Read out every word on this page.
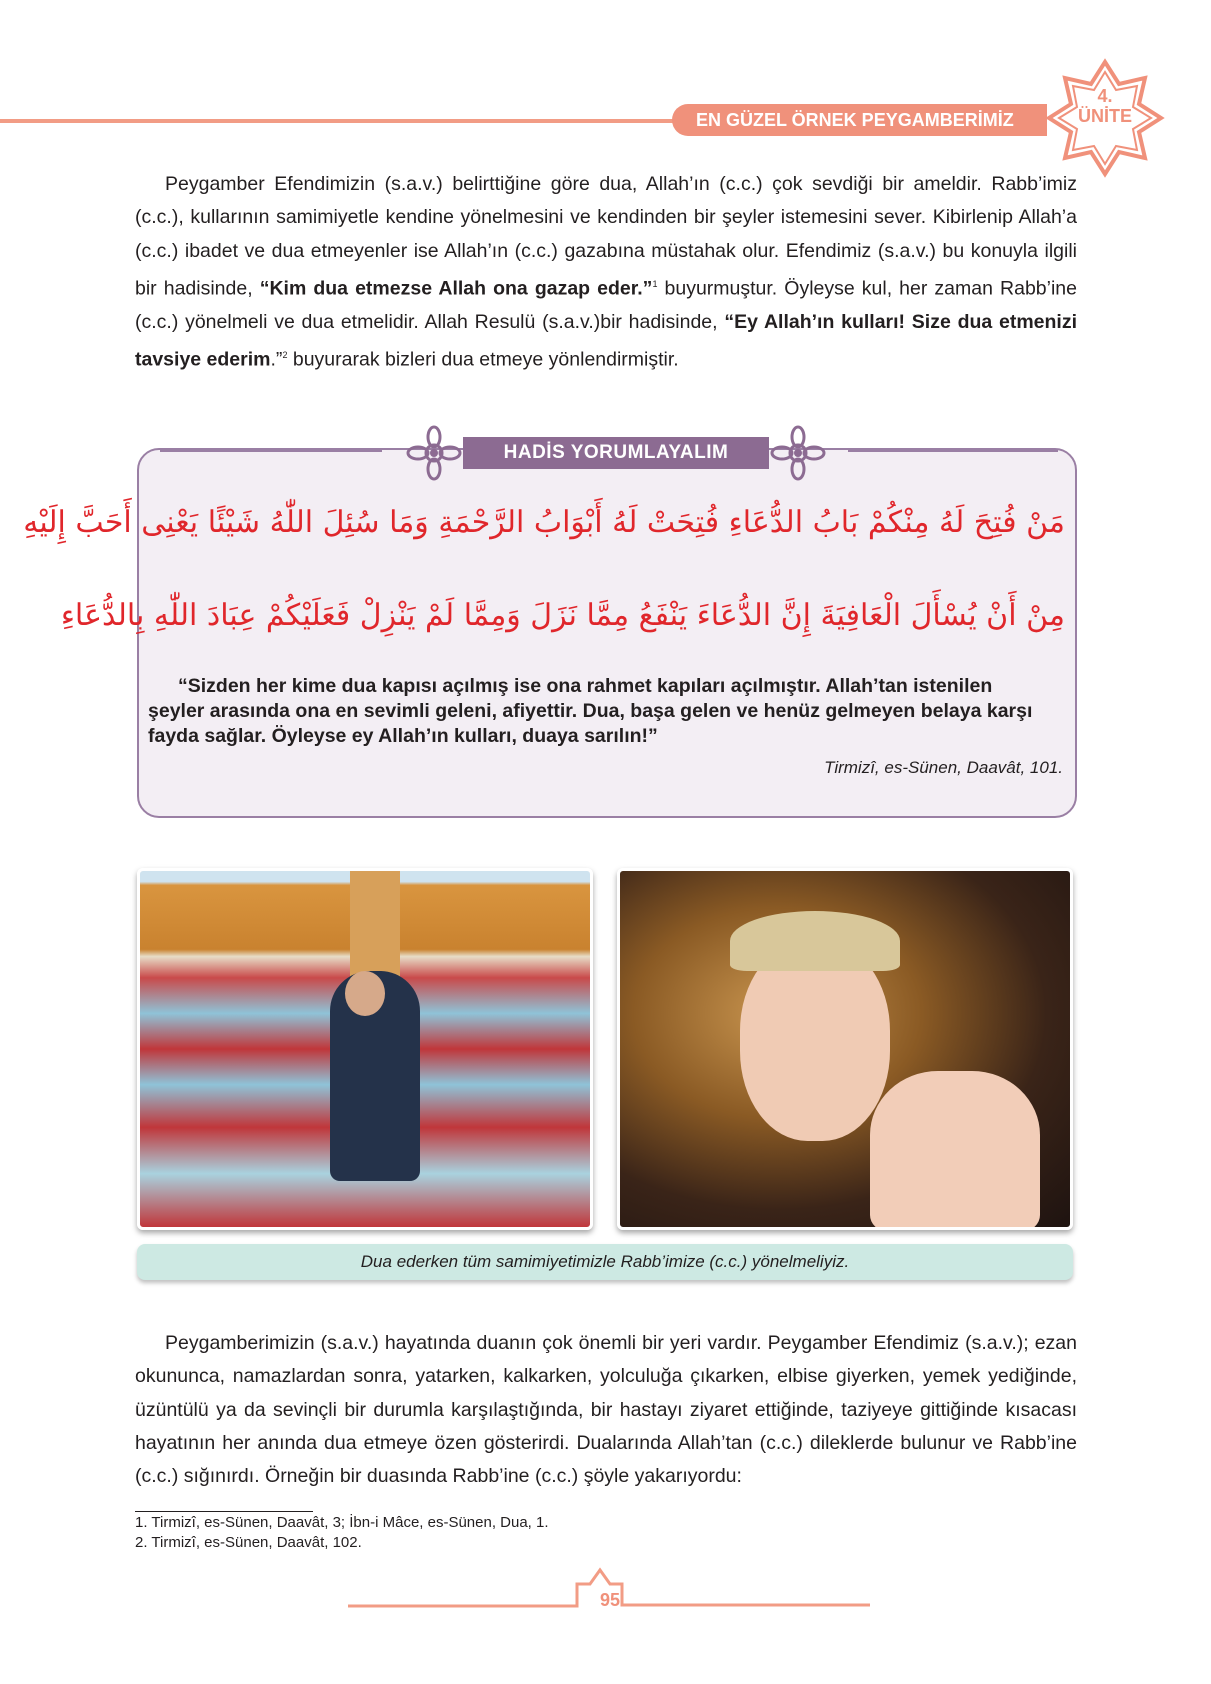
EN GÜZEL ÖRNEK PEYGAMBERİMİZ
4.
ÜNİTE

Peygamber Efendimizin (s.a.v.) belirttiğine göre dua, Allah’ın (c.c.) çok sevdiği bir ameldir. Rabb’imiz (c.c.), kullarının samimiyetle kendine yönelmesini ve kendinden bir şeyler istemesini sever. Kibirlenip Allah’a (c.c.) ibadet ve dua etmeyenler ise Allah’ın (c.c.) gazabına müstahak olur. Efendimiz (s.a.v.) bu konuyla ilgili bir hadisinde, “Kim dua etmezse Allah ona gazap eder.”$^1$ buyurmuştur. Öyleyse kul, her zaman Rabb’ine (c.c.) yönelmeli ve dua etmelidir. Allah Resulü (s.a.v.)bir hadisinde, “Ey Allah’ın kulları! Size dua etmenizi tavsiye ederim.”$^2$ buyurarak bizleri dua etmeye yönlendirmiştir.

HADİS YORUMLAYALIM
مَنْ فُتِحَ لَهُ مِنْكُمْ بَابُ الدُّعَاءِ فُتِحَتْ لَهُ أَبْوَابُ الرَّحْمَةِ وَمَا سُئِلَ اللّٰهُ شَيْئًا يَعْنِى أَحَبَّ إِلَيْهِ
مِنْ أَنْ يُسْأَلَ الْعَافِيَةَ إِنَّ الدُّعَاءَ يَنْفَعُ مِمَّا نَزَلَ وَمِمَّا لَمْ يَنْزِلْ فَعَلَيْكُمْ عِبَادَ اللّٰهِ بِالدُّعَاءِ
“Sizden her kime dua kapısı açılmış ise ona rahmet kapıları açılmıştır. Allah’tan istenilen
şeyler arasında ona en sevimli geleni, afiyettir. Dua, başa gelen ve henüz gelmeyen belaya karşı
fayda sağlar. Öyleyse ey Allah’ın kulları, duaya sarılın!”
Tirmizî, es-Sünen, Daavât, 101.
Dua ederken tüm samimiyetimizle Rabb’imize (c.c.) yönelmeliyiz.

Peygamberimizin (s.a.v.) hayatında duanın çok önemli bir yeri vardır. Peygamber Efendimiz (s.a.v.); ezan okununca, namazlardan sonra, yatarken, kalkarken, yolculuğa çıkarken, elbise giyerken, yemek yediğinde, üzüntülü ya da sevinçli bir durumla karşılaştığında, bir hastayı ziyaret ettiğinde, taziyeye gittiğinde kısacası hayatının her anında dua etmeye özen gösterirdi. Dualarında Allah’tan (c.c.) dileklerde bulunur ve Rabb’ine (c.c.) sığınırdı. Örneğin bir duasında Rabb’ine (c.c.) şöyle yakarıyordu:

1. Tirmizî, es-Sünen, Daavât, 3; İbn-i Mâce, es-Sünen, Dua, 1.
2. Tirmizî, es-Sünen, Daavât, 102.
95
